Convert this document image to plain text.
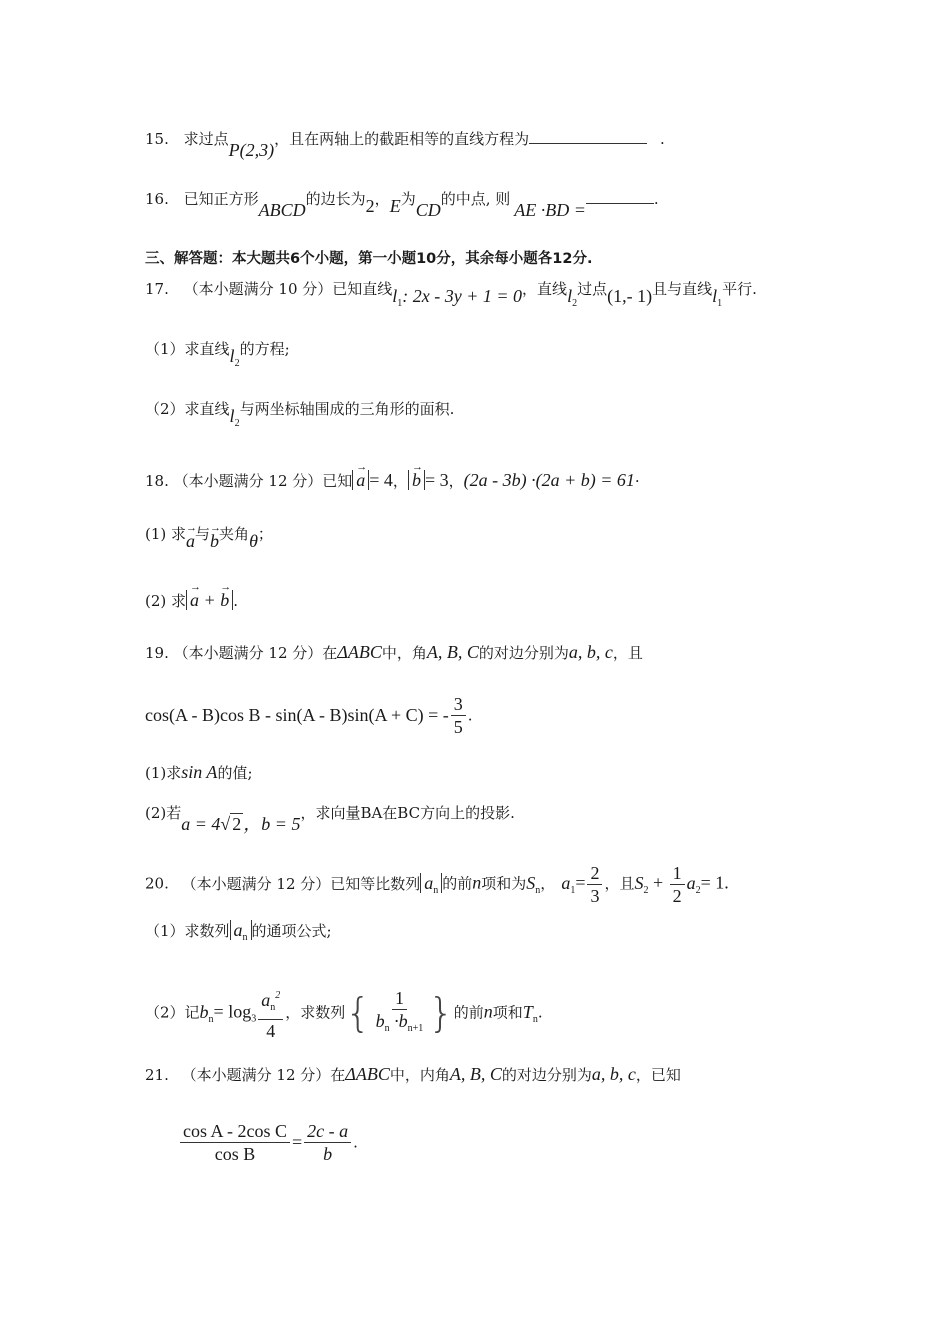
15. 求过点P(2,3)，且在两轴上的截距相等的直线方程为	.
16. 已知正方形ABCD的边长为2，E为CD的中点, 则AE ·BD =.
三、解答题：本大题共6个小题，第一小题10分，其余每小题各12分.
17. （本小题满分 10 分）已知直线$l_1$: 2x - 3y + 1 = 0，直线$l_2$过点(1,- 1)且与直线$l_1$平行.
（1）求直线$l_2$的方程;
（2）求直线$l_2$与两坐标轴围成的三角形的面积.
18. （本小题满分 12 分）已知 → a = 4， → b = 3，(2a - 3b) ·(2a + b) = 61·
(1) 求→ a与→ b夹角θ；
(2) 求 → a + → b .
19. （本小题满分 12 分）在ΔABC中，角A, B, C的对边分别为a, b, c，且
cos(A - B)cos B - sin(A - B)sin(A + C) = - $\frac{3}{5}$ .
(1)求sin A的值;
(2)若a = 4√ 2 ，b = 5，求向量BA在BC方向上的投影.
20. （本小题满分 12 分）已知等比数列 $a_n$ 的前n项和为$S_n$， $a_1= \frac{2}{3}$ ，且$S_2 + \frac{1}{2} a_2= 1$.
（1）求数列 $a_n$ 的通项公式;
（2）记$b_n= \log_3 \frac{a_n^2}{4}$ ，求数列{ $\frac{1}{b_n \cdot b_{n+1}}$ }的前n项和$T_n$.
21. （本小题满分 12 分）在ΔABC中，内角A, B, C的对边分别为a, b, c，已知
$\frac{\text{cos A - 2cos C}}{\text{cos B}} = \frac{2c - a}{b}$ .
